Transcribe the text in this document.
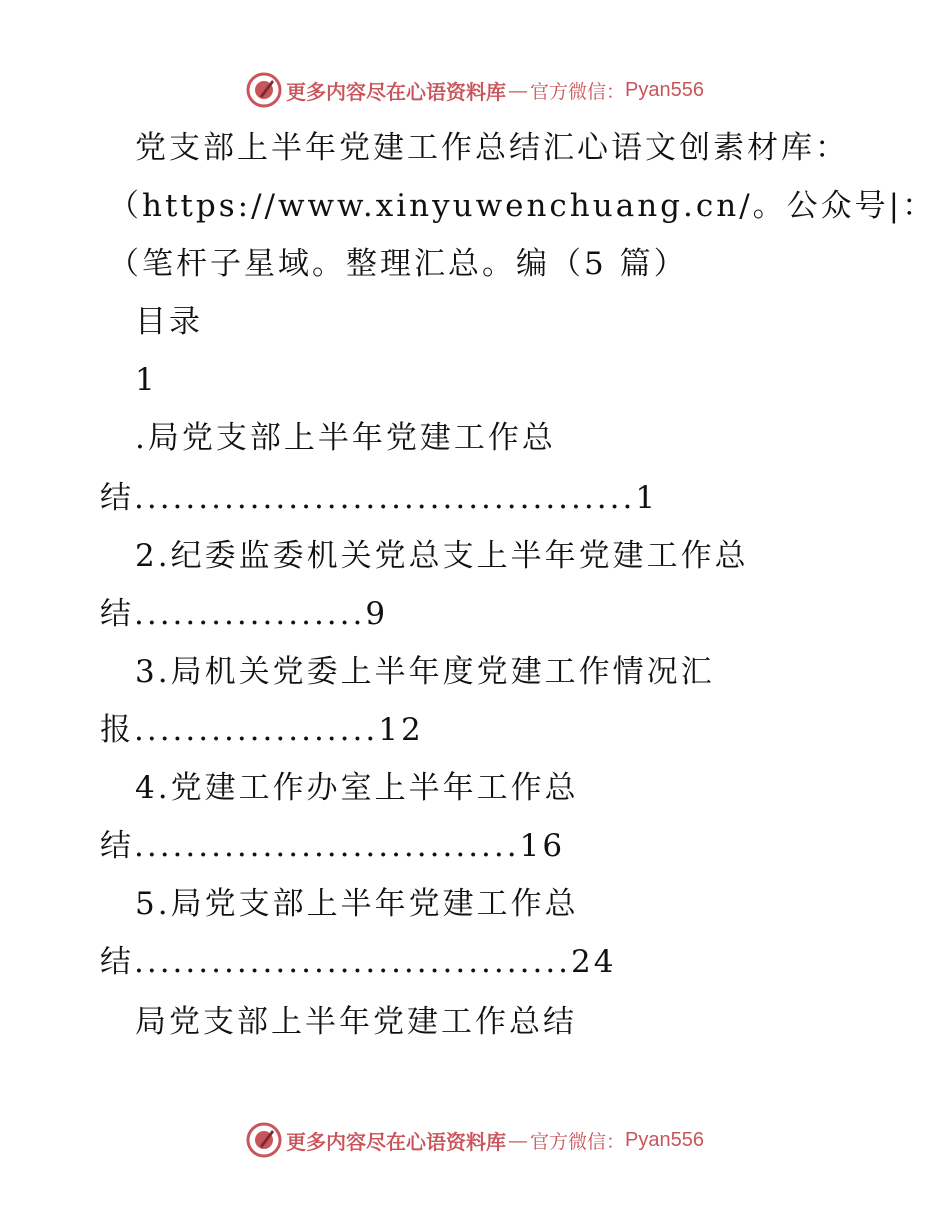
更多内容尽在心语资料库 — 官方微信： Pyan556
党支部上半年党建工作总结汇心语文创素材库：
（https://www.xinyuwenchuang.cn/。公众号|：
（笔杆子星域。整理汇总。编（5 篇）
目录
1
.局党支部上半年党建工作总
结.......................................1
2.纪委监委机关党总支上半年党建工作总
结..................9
3.局机关党委上半年度党建工作情况汇
报...................12
4.党建工作办室上半年工作总
结..............................16
5.局党支部上半年党建工作总
结..................................24
局党支部上半年党建工作总结
更多内容尽在心语资料库 — 官方微信： Pyan556
